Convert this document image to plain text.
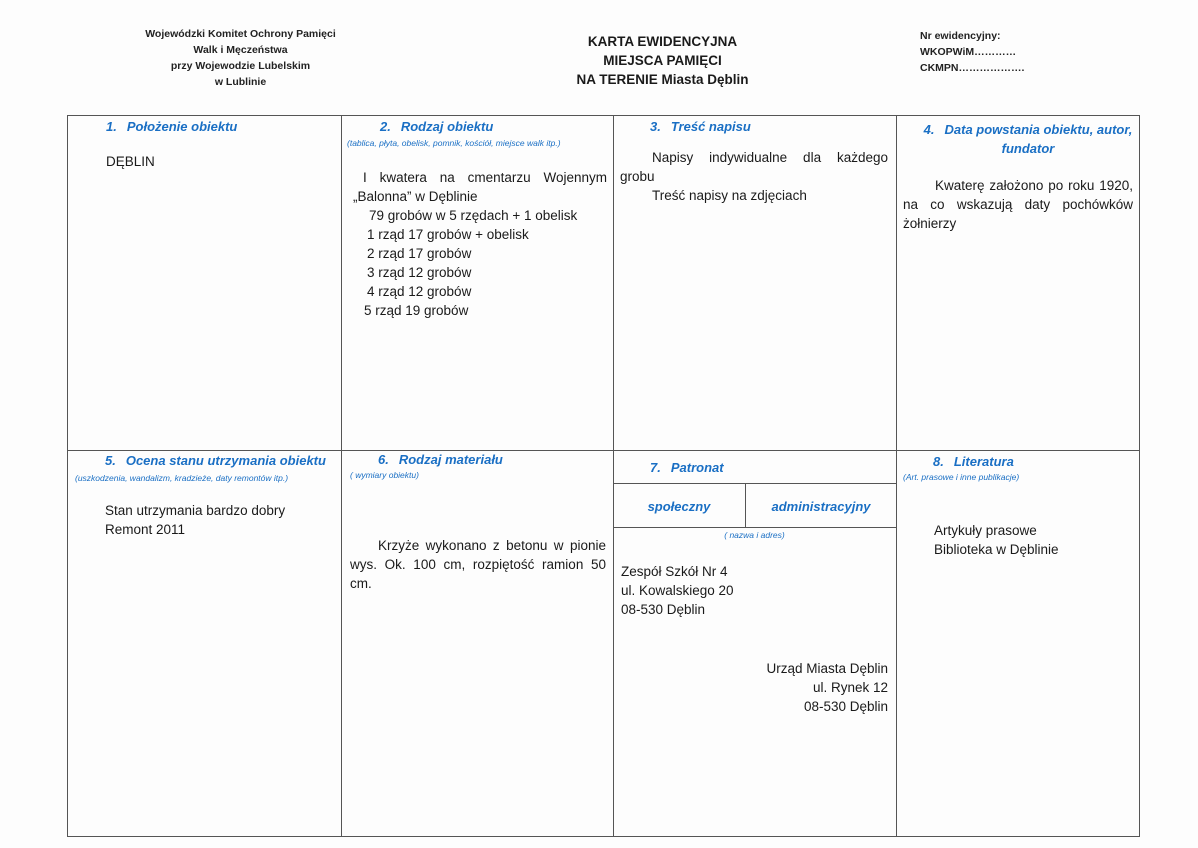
Wojewódzki Komitet Ochrony Pamięci
Walk i Męczeństwa
przy Wojewodzie Lubelskim
w Lublinie
KARTA EWIDENCYJNA
MIEJSCA PAMIĘCI
NA TERENIE Miasta Dęblin
Nr ewidencyjny:
WKOPWiM…………
CKMPN……………….
1. Położenie obiektu
DĘBLIN
2. Rodzaj obiektu
(tablica, płyta, obelisk, pomnik, kościół, miejsce walk itp.)
I kwatera na cmentarzu Wojennym „Balonna” w Dęblinie
79 grobów w 5 rzędach + 1 obelisk
1 rząd 17 grobów + obelisk
2 rząd 17 grobów
3 rząd 12 grobów
4 rząd 12 grobów
5 rząd 19 grobów
3. Treść napisu
Napisy indywidualne dla każdego grobu
Treść napisy na zdjęciach
4. Data powstania obiektu, autor, fundator
Kwaterę założono po roku 1920, na co wskazują daty pochówków żołnierzy
5. Ocena stanu utrzymania obiektu
(uszkodzenia, wandalizm, kradzieże, daty remontów itp.)
Stan utrzymania bardzo dobry
Remont 2011
6. Rodzaj materiału
( wymiary obiektu)
Krzyże wykonano z betonu w pionie wys. Ok. 100 cm, rozpiętość ramion 50 cm.
7. Patronat
społeczny	administracyjny
( nazwa i adres)
Zespół Szkół Nr 4
ul. Kowalskiego 20
08-530 Dęblin
Urząd Miasta Dęblin
ul. Rynek 12
08-530 Dęblin
8. Literatura
(Art. prasowe i inne publikacje)
Artykuły prasowe
Biblioteka w Dęblinie
